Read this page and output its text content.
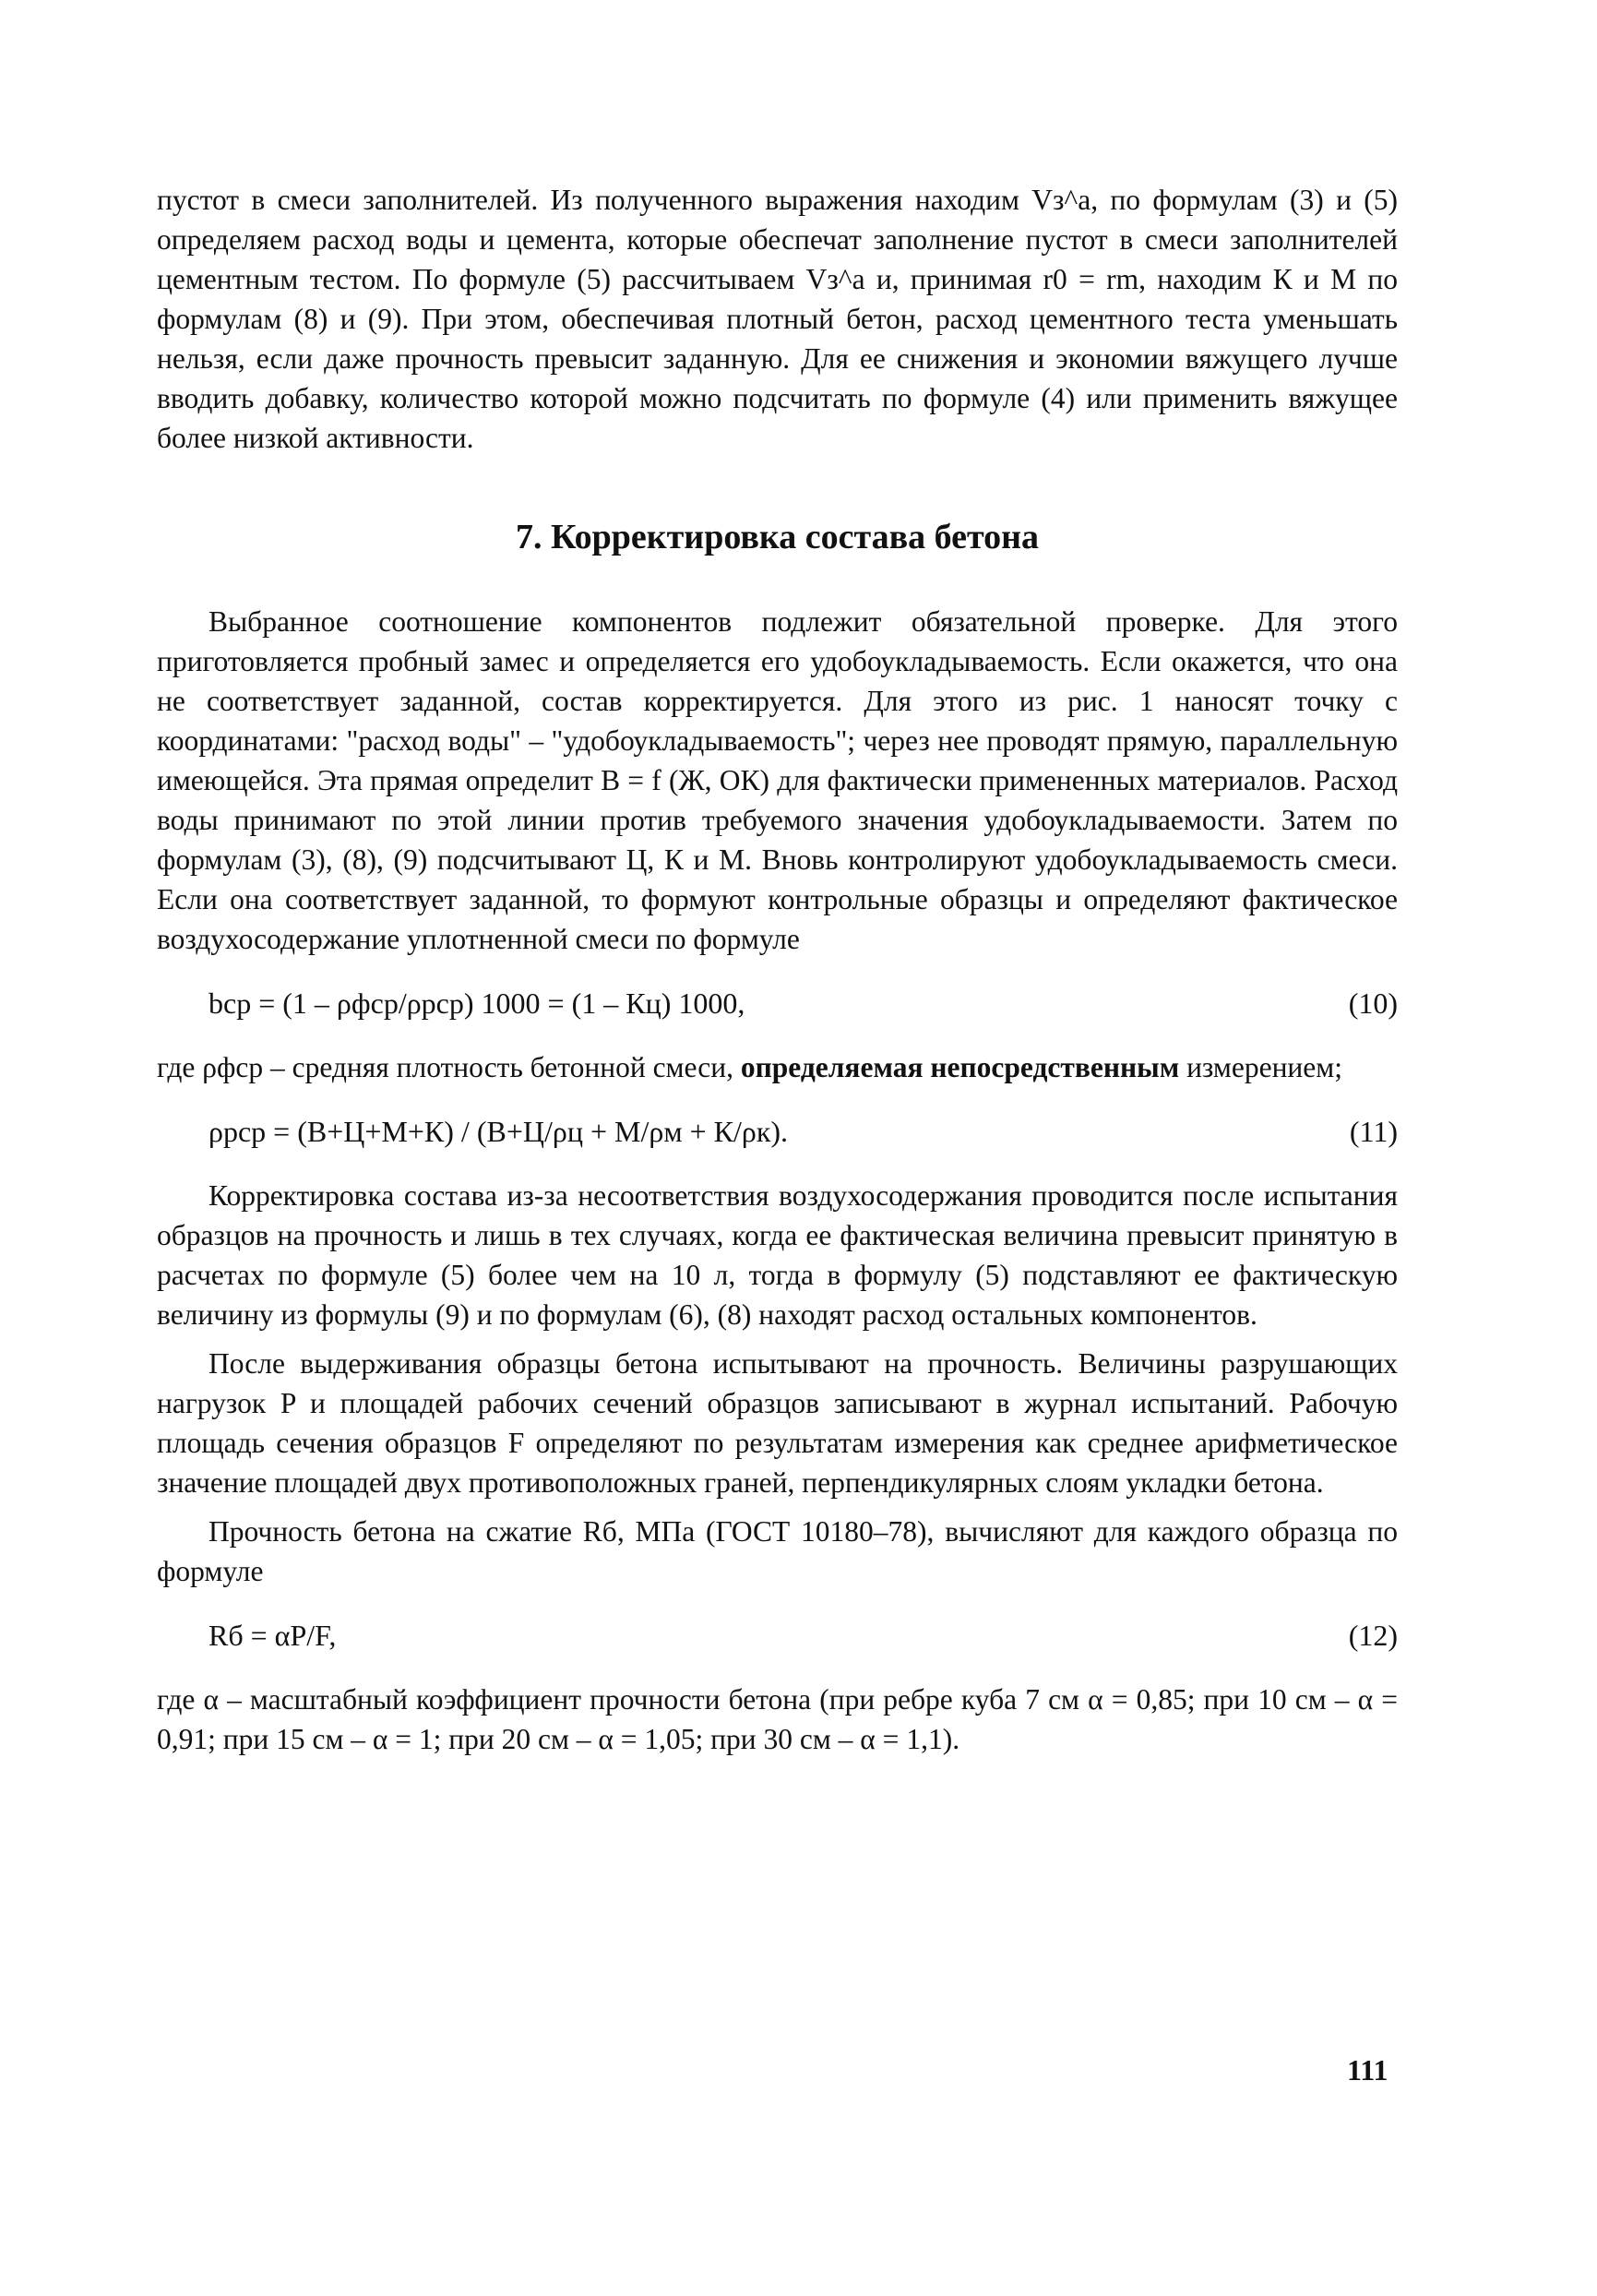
пустот в смеси заполнителей. Из полученного выражения находим Vз^а, по формулам (3) и (5) определяем расход воды и цемента, которые обеспечат заполнение пустот в смеси заполнителей цементным тестом. По формуле (5) рассчитываем Vз^а и, принимая r0 = rm, находим К и М по формулам (8) и (9). При этом, обеспечивая плотный бетон, расход цементного теста уменьшать нельзя, если даже прочность превысит заданную. Для ее снижения и экономии вяжущего лучше вводить добавку, количество которой можно подсчитать по формуле (4) или применить вяжущее более низкой активности.

7. Корректировка состава бетона

Выбранное соотношение компонентов подлежит обязательной проверке. Для этого приготовляется пробный замес и определяется его удобоукладываемость. Если окажется, что она не соответствует заданной, состав корректируется. Для этого из рис. 1 наносят точку с координатами: "расход воды" – "удобоукладываемость"; через нее проводят прямую, параллельную имеющейся. Эта прямая определит В = f (Ж, ОК) для фактически примененных материалов. Расход воды принимают по этой линии против требуемого значения удобоукладываемости. Затем по формулам (3), (8), (9) подсчитывают Ц, К и М. Вновь контролируют удобоукладываемость смеси. Если она соответствует заданной, то формуют контрольные образцы и определяют фактическое воздухосодержание уплотненной смеси по формуле

bср = (1 – ρфср/ρрср) 1000 = (1 – Кц) 1000,	(10)

где ρфср – средняя плотность бетонной смеси, определяемая непосредственным измерением;

ρрср = (В+Ц+М+К) / (В+Ц/ρц + М/ρм + К/ρк).	(11)

Корректировка состава из-за несоответствия воздухосодержания проводится после испытания образцов на прочность и лишь в тех случаях, когда ее фактическая величина превысит принятую в расчетах по формуле (5) более чем на 10 л, тогда в формулу (5) подставляют ее фактическую величину из формулы (9) и по формулам (6), (8) находят расход остальных компонентов.

После выдерживания образцы бетона испытывают на прочность. Величины разрушающих нагрузок P и площадей рабочих сечений образцов записывают в журнал испытаний. Рабочую площадь сечения образцов F определяют по результатам измерения как среднее арифметическое значение площадей двух противоположных граней, перпендикулярных слоям укладки бетона.

Прочность бетона на сжатие Rб, МПа (ГОСТ 10180–78), вычисляют для каждого образца по формуле

Rб = αP/F,	(12)

где α – масштабный коэффициент прочности бетона (при ребре куба 7 см α = 0,85; при 10 см – α = 0,91; при 15 см – α = 1; при 20 см – α = 1,05; при 30 см – α = 1,1).

111
